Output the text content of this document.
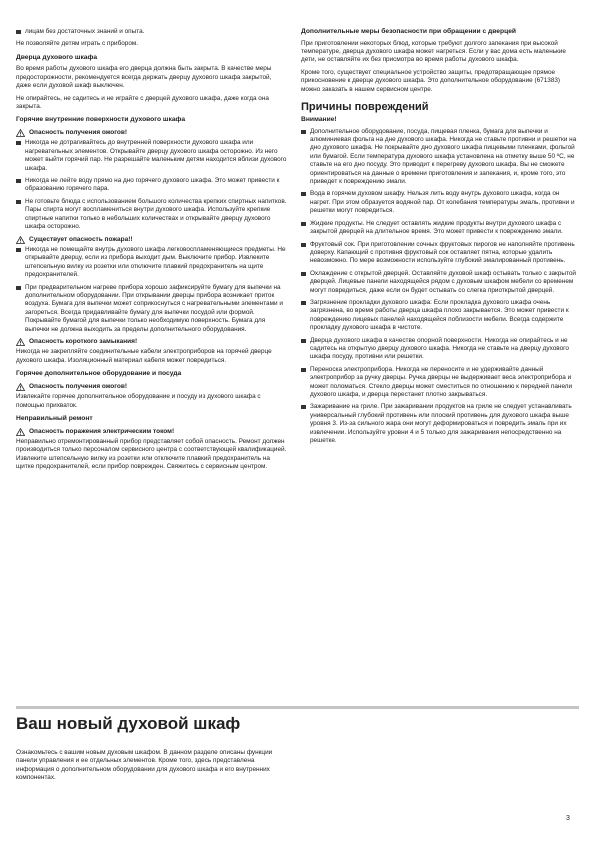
лицам без достаточных знаний и опыта.

Не позволяйте детям играть с прибором.

Дверца духового шкафа

Во время работы духового шкафа его дверца должна быть закрыта. В качестве меры предосторожности, рекомендуется всегда держать дверцу духового шкафа закрытой, даже если духовой шкаф выключен.

Не опирайтесь, не садитесь и не играйте с дверцей духового шкафа, даже когда она закрыта.

Горячие внутренние поверхности духового шкафа
Опасность получения ожогов!
Никогда не дотрагивайтесь до внутренней поверхности духового шкафа или нагревательных элементов. Открывайте дверцу духового шкафа осторожно. Из него может выйти горячий пар. Не разрешайте маленьким детям находится вблизи духового шкафа.
Никогда не лейте воду прямо на дно горячего духового шкафа. Это может привести к образованию горячего пара.
Не готовьте блюда с использованием большого количества крепких спиртных напитков. Пары спирта могут воспламениться внутри духового шкафа. Используйте крепкие спиртные напитки только в небольших количествах и открывайте дверцу духового шкафа осторожно.
Существует опасность пожара!!
Никогда не помещайте внутрь духового шкафа легковоспламеняющиеся предметы. Не открывайте дверцу, если из прибора выходит дым. Выключите прибор. Извлеките штепсельную вилку из розетки или отключите плавкий предохранитель на щите предохранителей.
При предварительном нагреве прибора хорошо зафиксируйте бумагу для выпечки на дополнительном оборудовании. При открывании дверцы прибора возникает приток воздуха. Бумага для выпечки может соприкоснуться с нагревательными элементами и загореться. Всегда придавливайте бумагу для выпечки посудой или формой. Покрывайте бумагой для выпечки только необходимую поверхность. Бумага для выпечки не должна выходить за пределы дополнительного оборудования.
Опасность короткого замыкания!

Никогда не закрепляйте соединительные кабели электроприборов на горячей дверце духового шкафа. Изоляционный материал кабеля может повредиться.

Горячее дополнительное оборудование и посуда
Опасность получения ожогов!

Извлекайте горячее дополнительное оборудование и посуду из духового шкафа с помощью прихваток.

Неправильный ремонт
Опасность поражения электрическим током!

Неправильно отремонтированный прибор представляет собой опасность. Ремонт должен производиться только персоналом сервисного центра с соответствующей квалификацией. Извлеките штепсельную вилку из розетки или отключите плавкий предохранитель на щитке предохранителей, если прибор поврежден. Свяжитесь с сервисным центром.

Дополнительные меры безопасности при обращении с дверцей

При приготовлении некоторых блюд, которые требуют долгого запекания при высокой температуре, дверца духового шкафа может нагреться. Если у вас дома есть маленькие дети, не оставляйте их без присмотра во время работы духового шкафа.

Кроме того, существует специальное устройство защиты, предотвращающее прямое прикосновение к дверце духового шкафа. Это дополнительное оборудование (671383) можно заказать в нашем сервисном центре.

Причины повреждений
Внимание!
Дополнительное оборудование, посуда, пищевая пленка, бумага для выпечки и алюминиевая фольга на дне духового шкафа. Никогда не ставьте противни и решетки на дно духового шкафа. Не покрывайте дно духового шкафа пищевыми пленками, фольгой или бумагой. Если температура духового шкафа установлена на отметку выше 50 ºC, не ставьте на его дно посуду. Это приводит к перегреву духового шкафа. Вы не сможете ориентироваться на данные о времени приготовления и запекания, и, кроме того, это приведет к повреждению эмали.
Вода в горячем духовом шкафу. Нельзя лить воду внутрь духового шкафа, когда он нагрет. При этом образуется водяной пар. От колебания температуры эмаль, противни и решетки могут повредиться.
Жидкие продукты. Не следует оставлять жидкие продукты внутри духового шкафа с закрытой дверцей на длительное время. Это может привести к повреждению эмали.
Фруктовый сок. При приготовлении сочных фруктовых пирогов не наполняйте противень доверху. Капающий с противня фруктовый сок оставляет пятна, которые удалить невозможно. По мере возможности используйте глубокий эмалированный противень.
Охлаждение с открытой дверцей. Оставляйте духовой шкаф остывать только с закрытой дверцей. Лицевые панели находящейся рядом с духовым шкафом мебели со временем могут повредиться, даже если он будет остывать со слегка приоткрытой дверцей.
Загрязнение прокладки духового шкафа: Если прокладка духового шкафа очень загрязнена, во время работы дверца шкафа плохо закрывается. Это может привести к повреждению лицевых панелей находящейся поблизости мебели. Всегда содержите прокладку духового шкафа в чистоте.
Дверца духового шкафа в качестве опорной поверхности. Никогда не опирайтесь и не садитесь на открытую дверцу духового шкафа. Никогда не ставьте на дверцу духового шкафа посуду, противни или решетки.
Переноска электроприбора. Никогда не переносите и не удерживайте данный электроприбор за ручку дверцы. Ручка дверцы не выдерживает веса электроприбора и может поломаться. Стекло дверцы может сместиться по отношению к передней панели духового шкафа, и дверца перестанет плотно закрываться.
Зажаривание на гриле. При зажаривании продуктов на гриле не следует устанавливать универсальный глубокий противень или плоский противень для духового шкафа выше уровня 3. Из-за сильного жара они могут деформироваться и повредить эмаль при их извлечении. Используйте уровни 4 и 5 только для зажаривания непосредственно на решетке.
Ваш новый духовой шкаф

Ознакомьтесь с вашим новым духовым шкафом. В данном разделе описаны функции панели управления и ее отдельных элементов. Кроме того, здесь представлена информация о дополнительном оборудовании для духового шкафа и его внутренних компонентах.

3
